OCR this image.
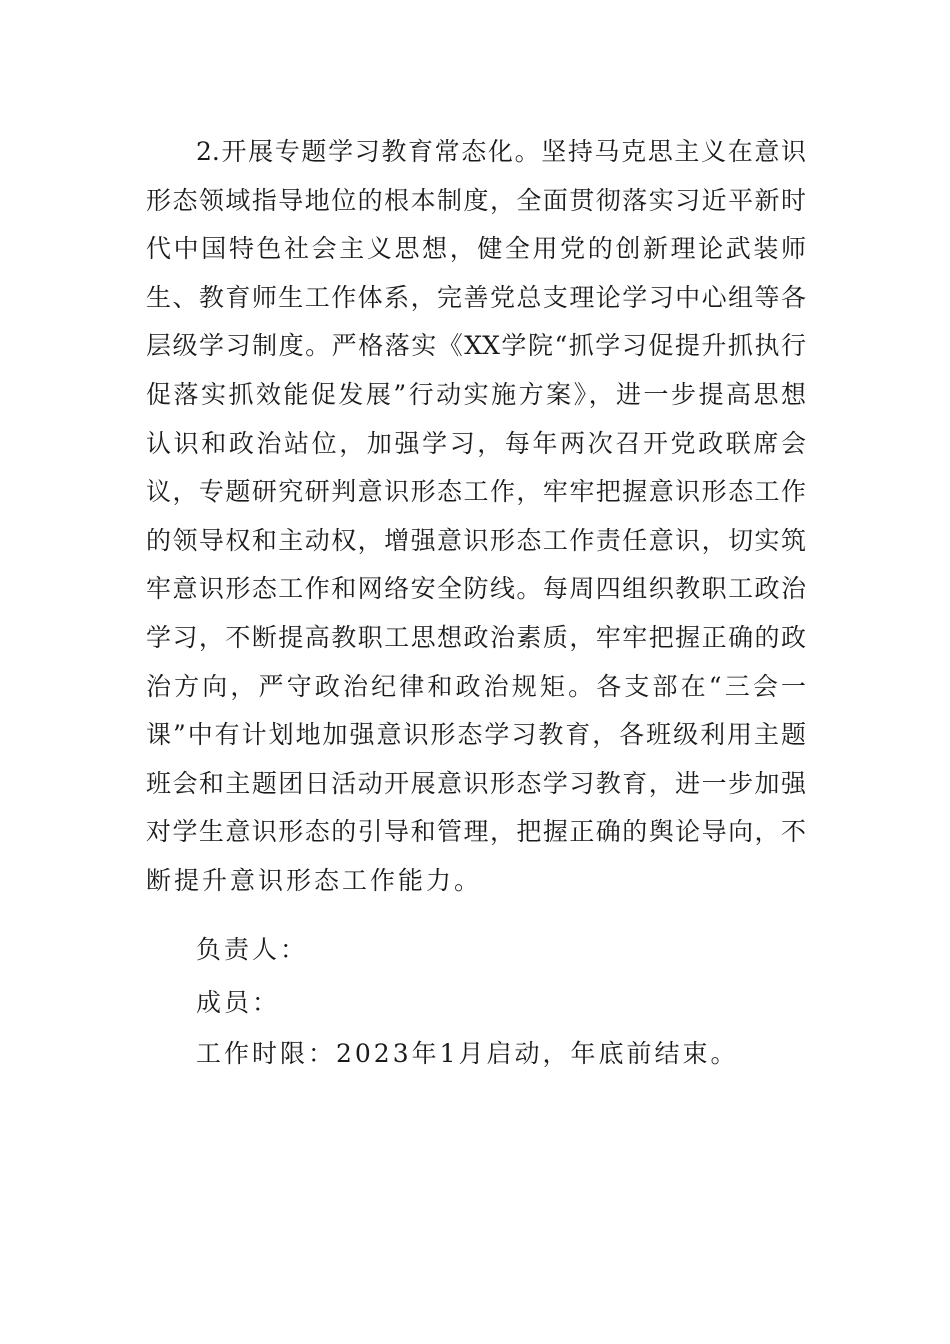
2.开展专题学习教育常态化。坚持马克思主义在意识
形态领域指导地位的根本制度，全面贯彻落实习近平新时
代中国特色社会主义思想，健全用党的创新理论武装师
生、教育师生工作体系，完善党总支理论学习中心组等各
层级学习制度。严格落实《XX学院“抓学习促提升抓执行
促落实抓效能促发展”行动实施方案》，进一步提高思想
认识和政治站位，加强学习，每年两次召开党政联席会
议，专题研究研判意识形态工作，牢牢把握意识形态工作
的领导权和主动权，增强意识形态工作责任意识，切实筑
牢意识形态工作和网络安全防线。每周四组织教职工政治
学习，不断提高教职工思想政治素质，牢牢把握正确的政
治方向，严守政治纪律和政治规矩。各支部在“三会一
课”中有计划地加强意识形态学习教育，各班级利用主题
班会和主题团日活动开展意识形态学习教育，进一步加强
对学生意识形态的引导和管理，把握正确的舆论导向，不
断提升意识形态工作能力。
负责人：
成员：
工作时限：2023年1月启动，年底前结束。
